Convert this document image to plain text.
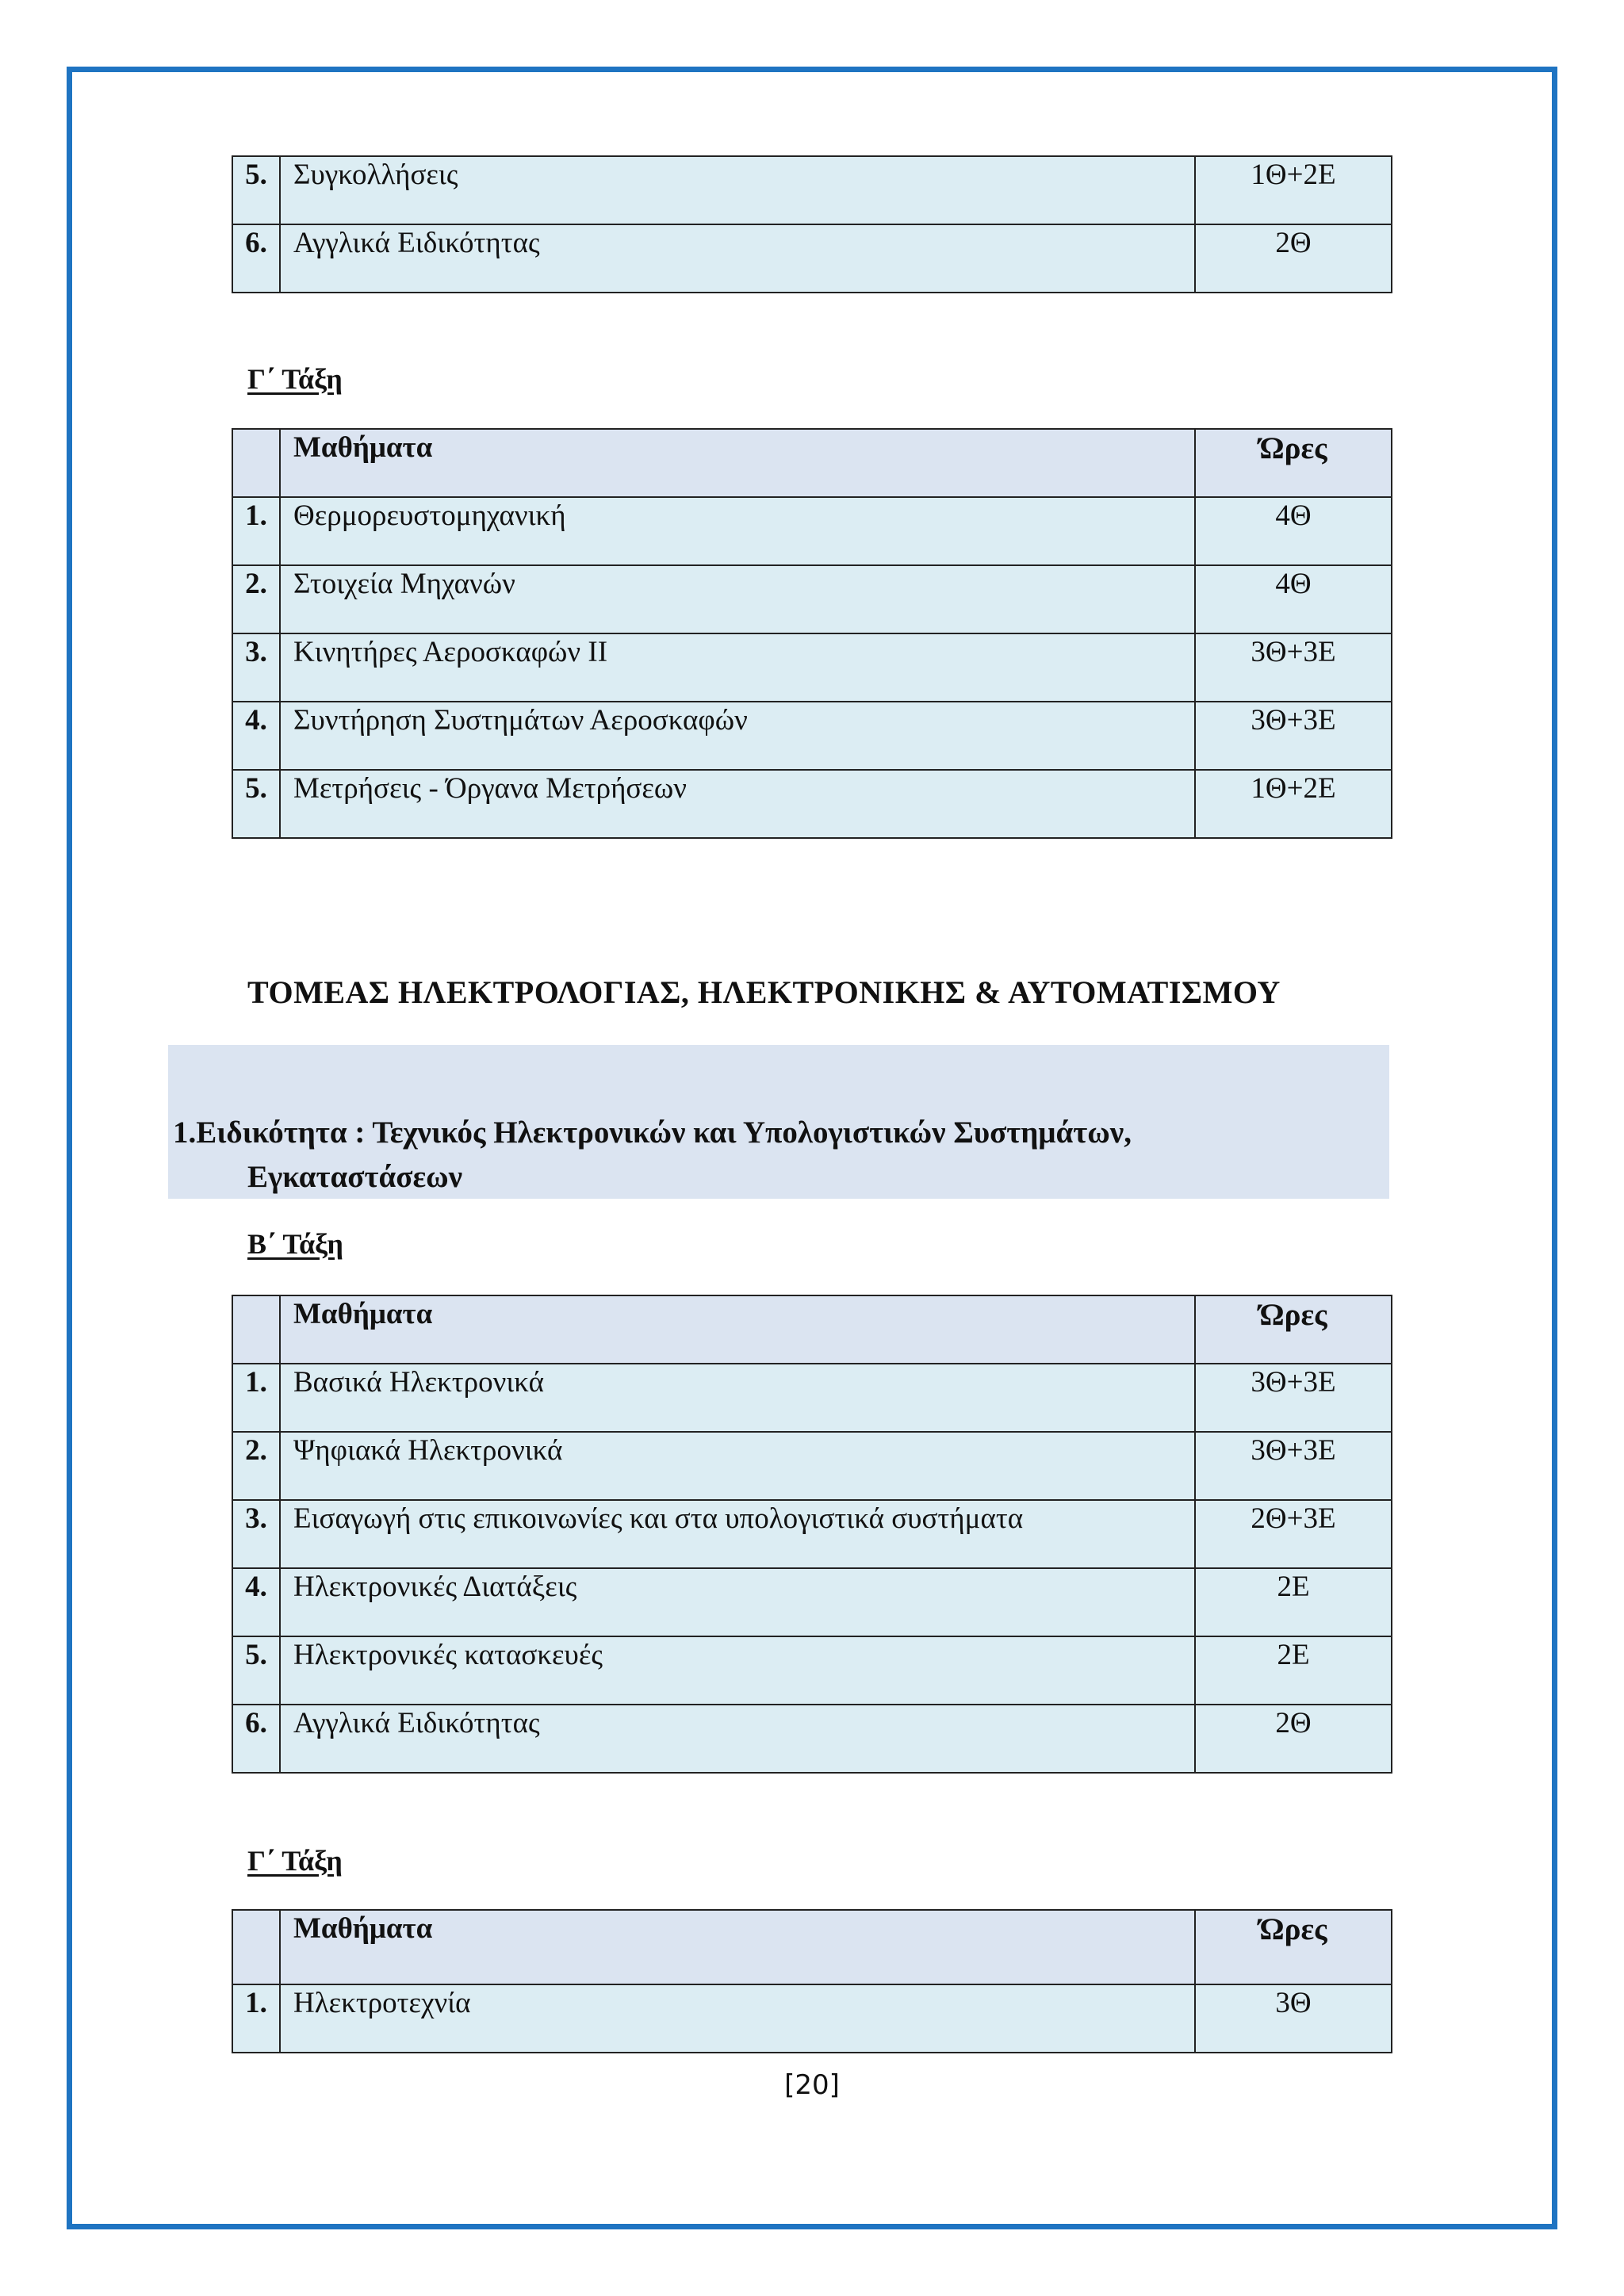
5.	Συγκολλήσεις	1Θ+2Ε
6.	Αγγλικά Ειδικότητας	2Θ
Γ΄ Τάξη
	Μαθήματα	Ώρες
1.	Θερμορευστομηχανική	4Θ
2.	Στοιχεία Μηχανών	4Θ
3.	Κινητήρες Αεροσκαφών ΙΙ	3Θ+3Ε
4.	Συντήρηση Συστημάτων Αεροσκαφών	3Θ+3Ε
5.	Μετρήσεις - Όργανα Μετρήσεων	1Θ+2Ε
ΤΟΜΕΑΣ ΗΛΕΚΤΡΟΛΟΓΙΑΣ, ΗΛΕΚΤΡΟΝΙΚΗΣ & ΑΥΤΟΜΑΤΙΣΜΟΥ
1.Ειδικότητα : Τεχνικός Ηλεκτρονικών και Υπολογιστικών Συστημάτων,
Εγκαταστάσεων
Β΄ Τάξη
	Μαθήματα	Ώρες
1.	Βασικά Ηλεκτρονικά	3Θ+3Ε
2.	Ψηφιακά Ηλεκτρονικά	3Θ+3Ε
3.	Εισαγωγή στις επικοινωνίες και στα υπολογιστικά συστήματα	2Θ+3Ε
4.	Ηλεκτρονικές Διατάξεις	2Ε
5.	Ηλεκτρονικές κατασκευές	2Ε
6.	Αγγλικά Ειδικότητας	2Θ
Γ΄ Τάξη
	Μαθήματα	Ώρες
1.	Ηλεκτροτεχνία	3Θ
[20]
